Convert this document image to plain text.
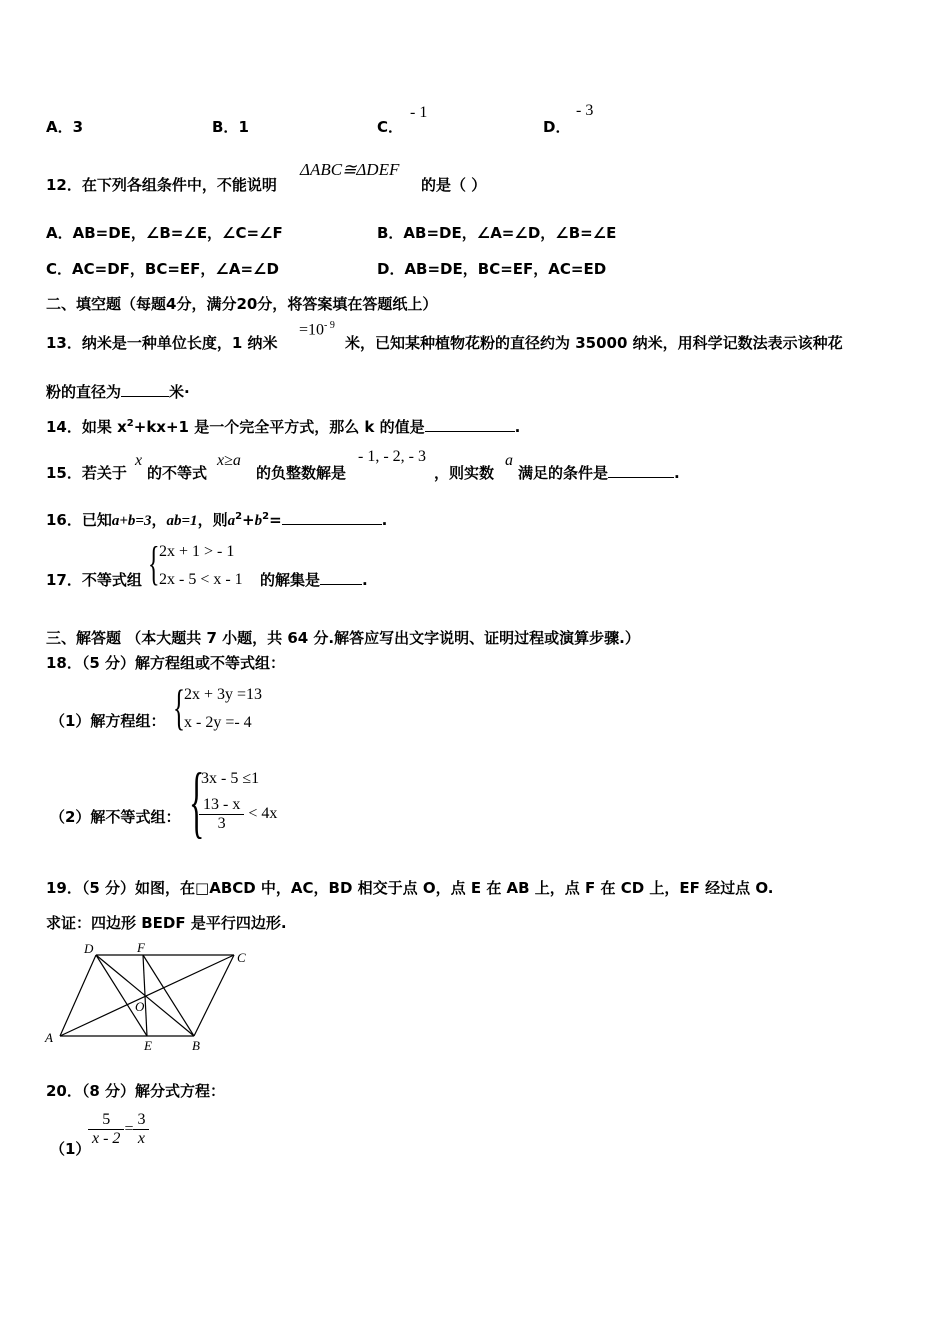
A．3	B．1	C．
- 1
D．
- 3
12．在下列各组条件中，不能说明
ΔABC≅ΔDEF
的是（ ）
A．AB=DE，∠B=∠E，∠C=∠F	B．AB=DE，∠A=∠D，∠B=∠E
C．AC=DF，BC=EF，∠A=∠D	D．AB=DE，BC=EF，AC=ED
二、填空题（每题4分，满分20分，将答案填在答题纸上）
13．纳米是一种单位长度，1 纳米
$=10^{- 9}$
米，已知某种植物花粉的直径约为 35000 纳米，用科学记数法表示该种花
粉的直径为	米·
14．如果 $x^2+kx+1$ 是一个完全平方式，那么 k 的值是	.
15．若关于
x
的不等式
x≥a
的负整数解是
- 1, - 2, - 3
，则实数
a
满足的条件是	.
16．已知a+b=3，ab=1，则$a^2+b^2=$	.
17．不等式组 { 2x + 1 > - 1
2x - 5 < x - 1 的解集是	.
三、解答题 （本大题共 7 小题，共 64 分.解答应写出文字说明、证明过程或演算步骤.）
18．（5 分）解方程组或不等式组：
（1）解方程组： { 2x + 3y =13
x - 2y =- 4
（2）解不等式组： {
3x - 5 ≤1
$\frac{13 - x}{3} < 4x$
19．（5 分）如图，在□ABCD 中，AC，BD 相交于点 O，点 E 在 AB 上，点 F 在 CD 上，EF 经过点 O.
求证：四边形 BEDF 是平行四边形.
A
B
C
D
E
F
O
20．（8 分）解分式方程：
（1）
$\frac{5}{x - 2} = \frac{3}{x}$
